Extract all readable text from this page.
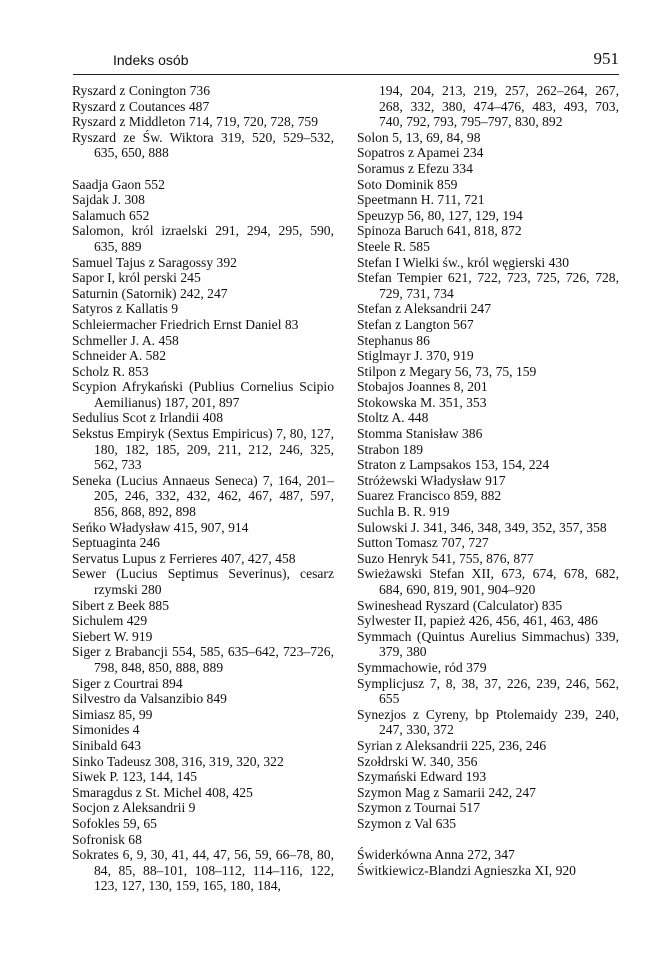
Indeks osób	951
Ryszard z Conington 736
Ryszard z Coutances 487
Ryszard z Middleton 714, 719, 720, 728, 759
Ryszard ze Św. Wiktora 319, 520, 529–532, 635, 650, 888
Saadja Gaon 552
Sajdak J. 308
Salamuch 652
Salomon, król izraelski 291, 294, 295, 590, 635, 889
Samuel Tajus z Saragossy 392
Sapor I, król perski 245
Saturnin (Satornik) 242, 247
Satyros z Kallatis 9
Schleiermacher Friedrich Ernst Daniel 83
Schmeller J. A. 458
Schneider A. 582
Scholz R. 853
Scypion Afrykański (Publius Cornelius Scipio Aemilianus) 187, 201, 897
Sedulius Scot z Irlandii 408
Sekstus Empiryk (Sextus Empiricus) 7, 80, 127, 180, 182, 185, 209, 211, 212, 246, 325, 562, 733
Seneka (Lucius Annaeus Seneca) 7, 164, 201–205, 246, 332, 432, 462, 467, 487, 597, 856, 868, 892, 898
Seńko Władysław 415, 907, 914
Septuaginta 246
Servatus Lupus z Ferrieres 407, 427, 458
Sewer (Lucius Septimus Severinus), cesarz rzymski 280
Sibert z Beek 885
Sichulem 429
Siebert W. 919
Siger z Brabancji 554, 585, 635–642, 723–726, 798, 848, 850, 888, 889
Siger z Courtrai 894
Silvestro da Valsanzibio 849
Simiasz 85, 99
Simonides 4
Sinibald 643
Sinko Tadeusz 308, 316, 319, 320, 322
Siwek P. 123, 144, 145
Smaragdus z St. Michel 408, 425
Socjon z Aleksandrii 9
Sofokles 59, 65
Sofronisk 68
Sokrates 6, 9, 30, 41, 44, 47, 56, 59, 66–78, 80, 84, 85, 88–101, 108–112, 114–116, 122, 123, 127, 130, 159, 165, 180, 184,
194, 204, 213, 219, 257, 262–264, 267, 268, 332, 380, 474–476, 483, 493, 703, 740, 792, 793, 795–797, 830, 892
Solon 5, 13, 69, 84, 98
Sopatros z Apamei 234
Soramus z Efezu 334
Soto Dominik 859
Speetmann H. 711, 721
Speuzyp 56, 80, 127, 129, 194
Spinoza Baruch 641, 818, 872
Steele R. 585
Stefan I Wielki św., król węgierski 430
Stefan Tempier 621, 722, 723, 725, 726, 728, 729, 731, 734
Stefan z Aleksandrii 247
Stefan z Langton 567
Stephanus 86
Stiglmayr J. 370, 919
Stilpon z Megary 56, 73, 75, 159
Stobajos Joannes 8, 201
Stokowska M. 351, 353
Stoltz A. 448
Stomma Stanisław 386
Strabon 189
Straton z Lampsakos 153, 154, 224
Stróżewski Władysław 917
Suarez Francisco 859, 882
Suchla B. R. 919
Sulowski J. 341, 346, 348, 349, 352, 357, 358
Sutton Tomasz 707, 727
Suzo Henryk 541, 755, 876, 877
Swieżawski Stefan XII, 673, 674, 678, 682, 684, 690, 819, 901, 904–920
Swineshead Ryszard (Calculator) 835
Sylwester II, papież 426, 456, 461, 463, 486
Symmach (Quintus Aurelius Simmachus) 339, 379, 380
Symmachowie, ród 379
Symplicjusz 7, 8, 38, 37, 226, 239, 246, 562, 655
Synezjos z Cyreny, bp Ptolemaidy 239, 240, 247, 330, 372
Syrian z Aleksandrii 225, 236, 246
Szołdrski W. 340, 356
Szymański Edward 193
Szymon Mag z Samarii 242, 247
Szymon z Tournai 517
Szymon z Val 635
Świderkówna Anna 272, 347
Świtkiewicz-Blandzi Agnieszka XI, 920
